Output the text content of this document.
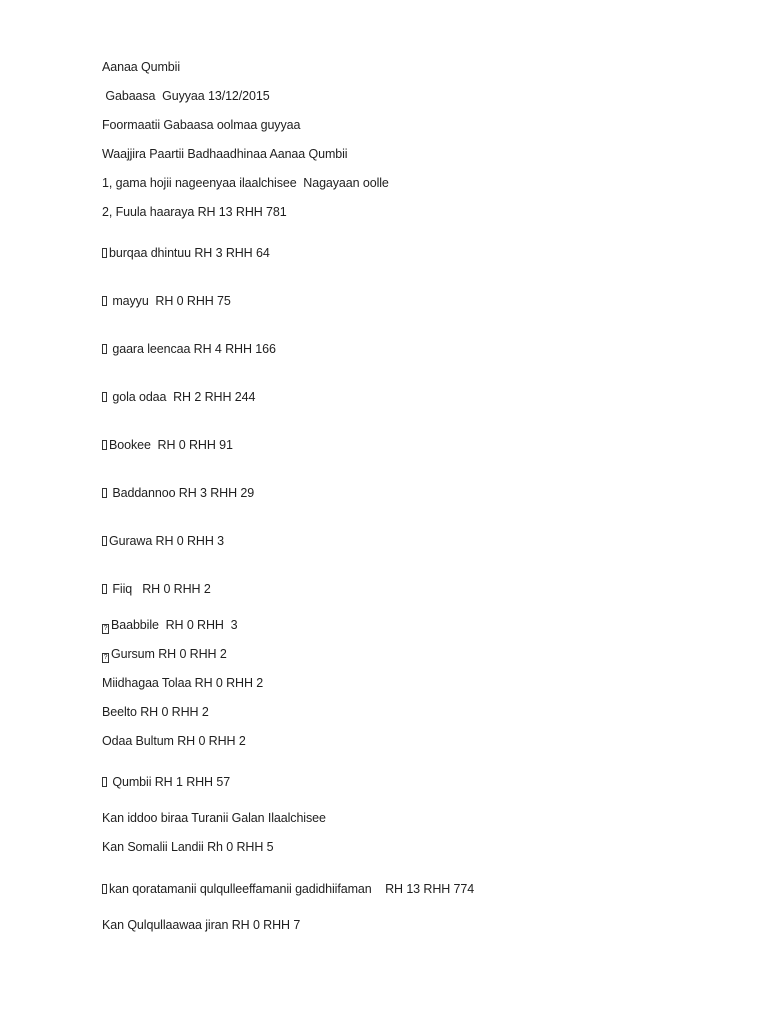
Aanaa Qumbii
Gabaasa  Guyyaa 13/12/2015
Foormaatii Gabaasa oolmaa guyyaa
Waajjira Paartii Badhaadhinaa Aanaa Qumbii
1, gama hojii nageenyaa ilaalchisee  Nagayaan oolle
2, Fuula haaraya RH 13 RHH 781
burqaa dhintuu RH 3 RHH 64
mayyu  RH 0 RHH 75
gaara leencaa RH 4 RHH 166
gola odaa  RH 2 RHH 244
Bookee  RH 0 RHH 91
Baddannoo RH 3 RHH 29
Gurawa RH 0 RHH 3
Fiiq   RH 0 RHH 2
? Baabbile  RH 0 RHH  3
? Gursum RH 0 RHH 2
Miidhagaa Tolaa RH 0 RHH 2
Beelto RH 0 RHH 2
Odaa Bultum RH 0 RHH 2
Qumbii RH 1 RHH 57
Kan iddoo biraa Turanii Galan Ilaalchisee
Kan Somalii Landii Rh 0 RHH 5
kan qoratamanii qulqulleeffamanii gadidhiifaman    RH 13 RHH 774
Kan Qulqullaawaa jiran RH 0 RHH 7
